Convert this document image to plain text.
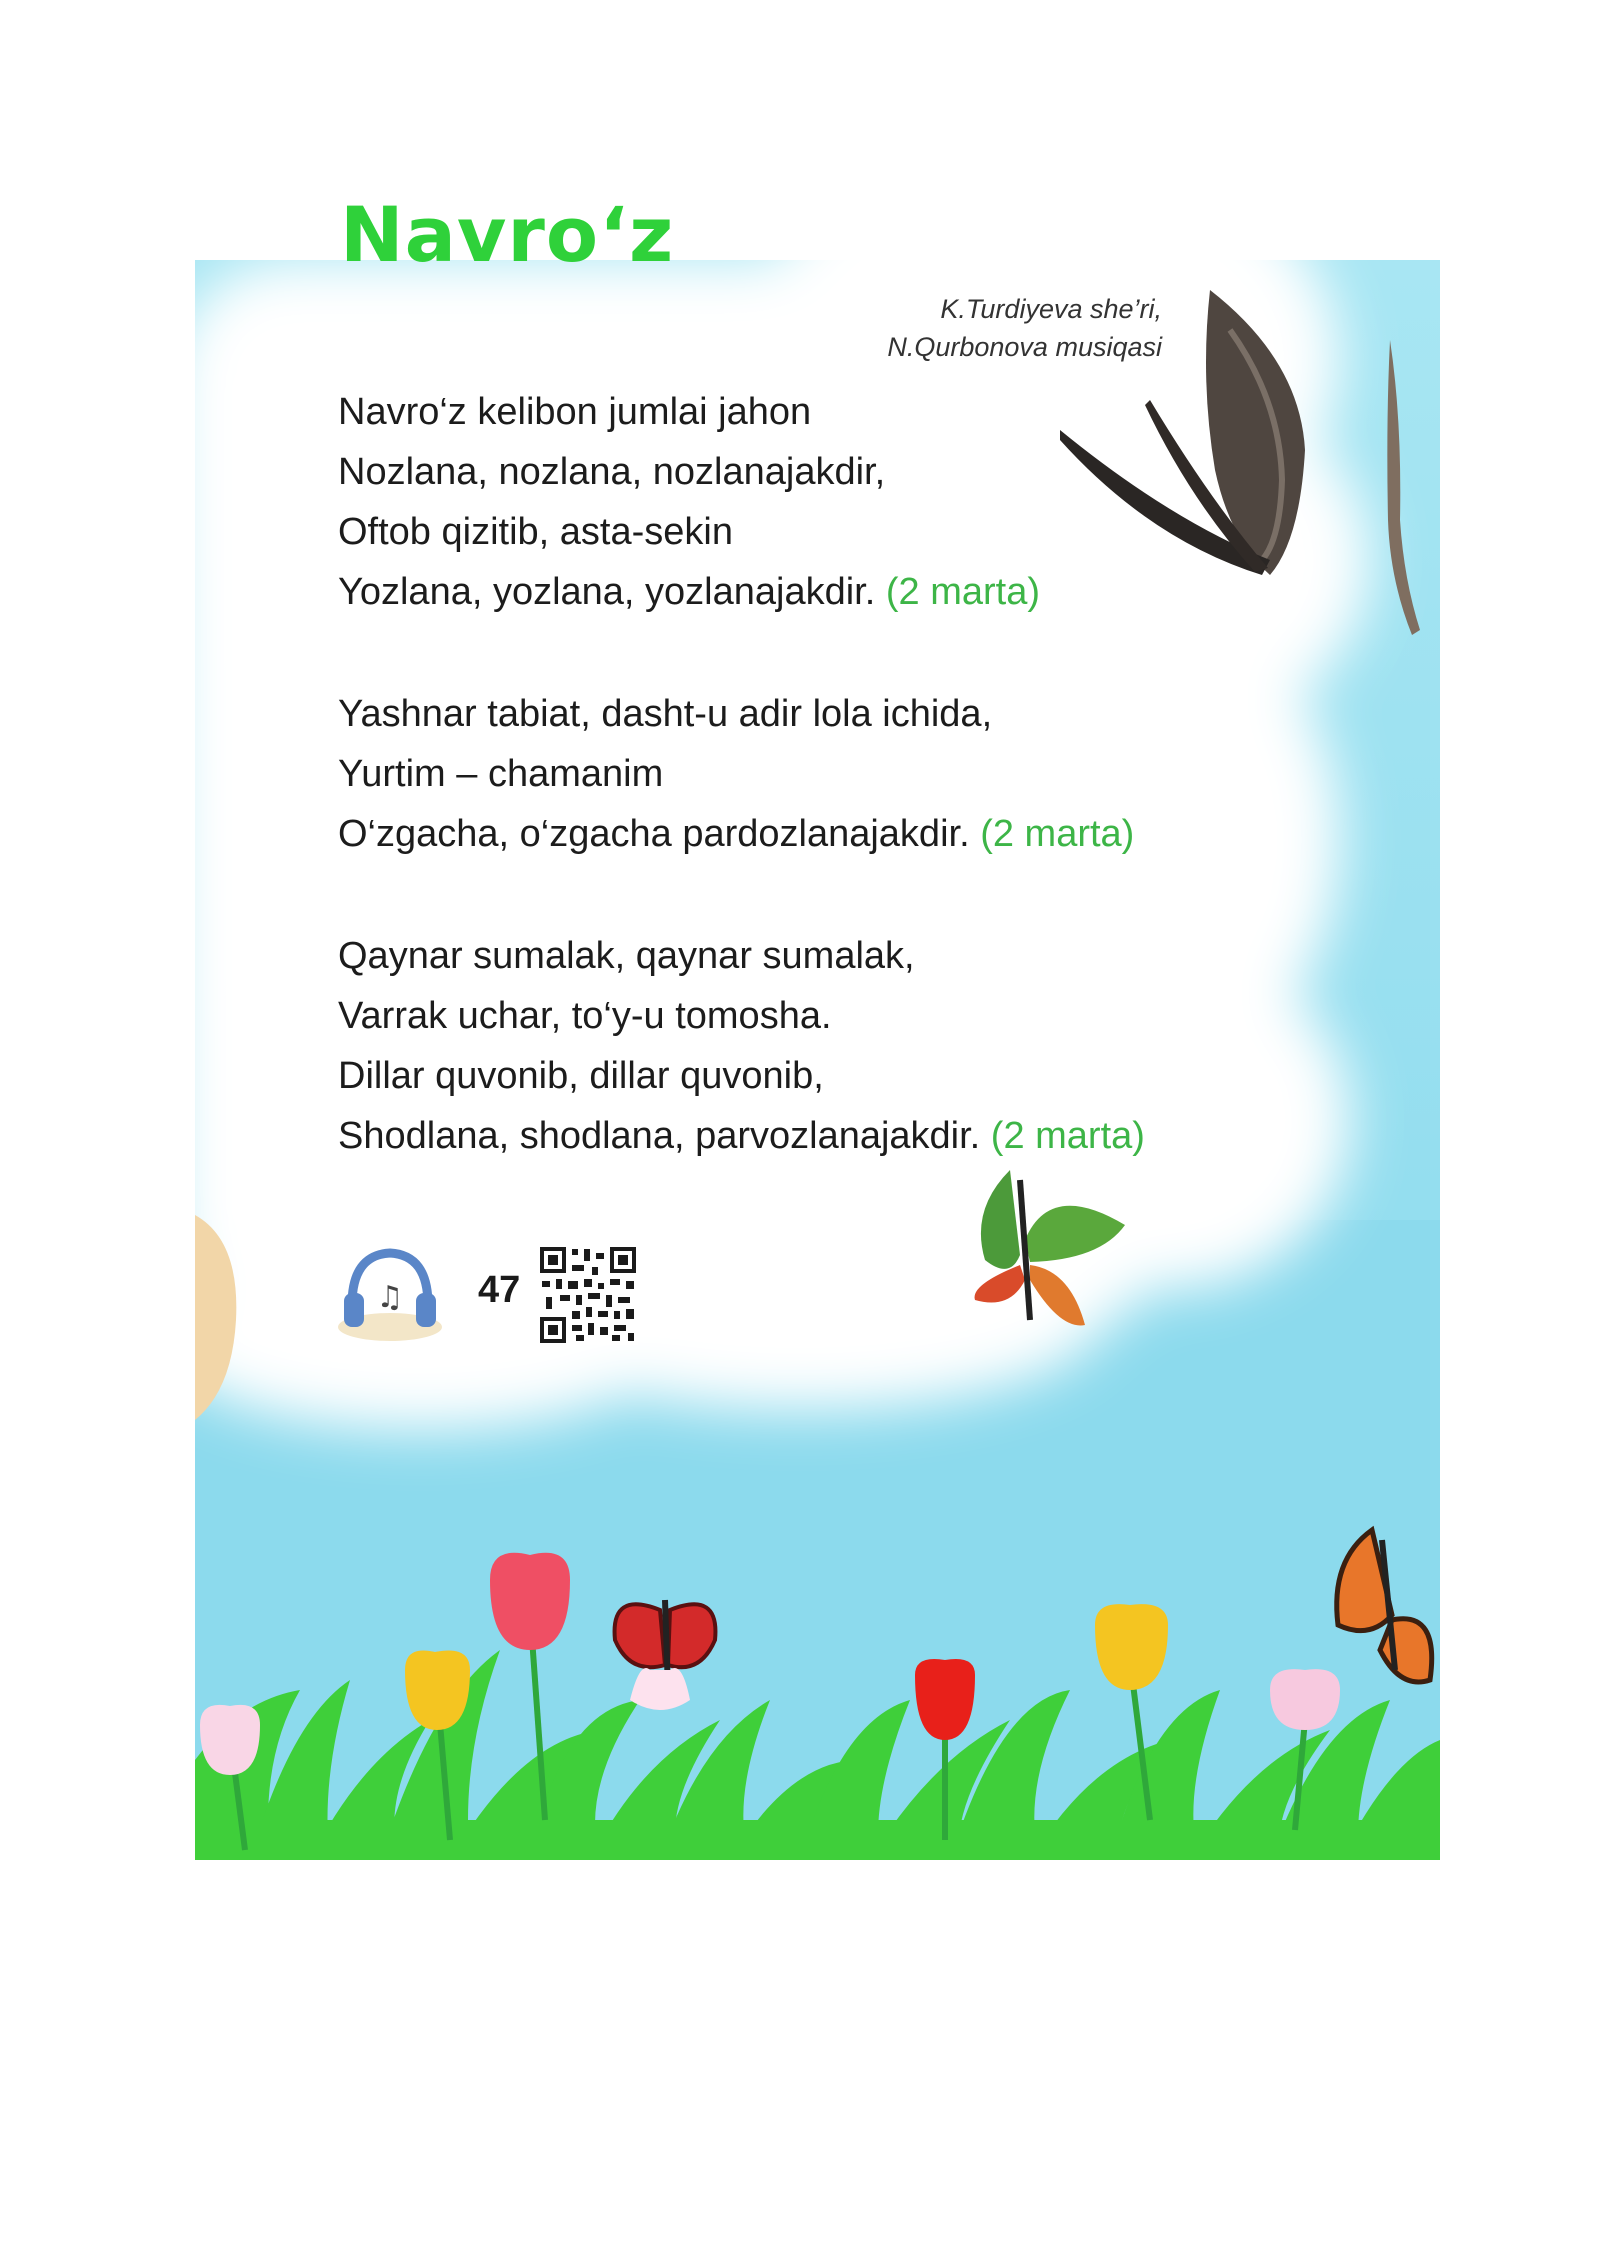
Navro‘z
K.Turdiyeva she’ri,
N.Qurbonova musiqasi
Navro‘z kelibon jumlai jahon
Nozlana, nozlana, nozlanajakdir,
Oftob qizitib, asta-sekin
Yozlana, yozlana, yozlanajakdir. (2 marta)
Yashnar tabiat, dasht-u adir lola ichida,
Yurtim – chamanim
O‘zgacha, o‘zgacha pardozlanajakdir. (2 marta)
Qaynar sumalak, qaynar sumalak,
Varrak uchar, to‘y-u tomosha.
Dillar quvonib, dillar quvonib,
Shodlana, shodlana, parvozlanajakdir. (2 marta)
♫ 47
